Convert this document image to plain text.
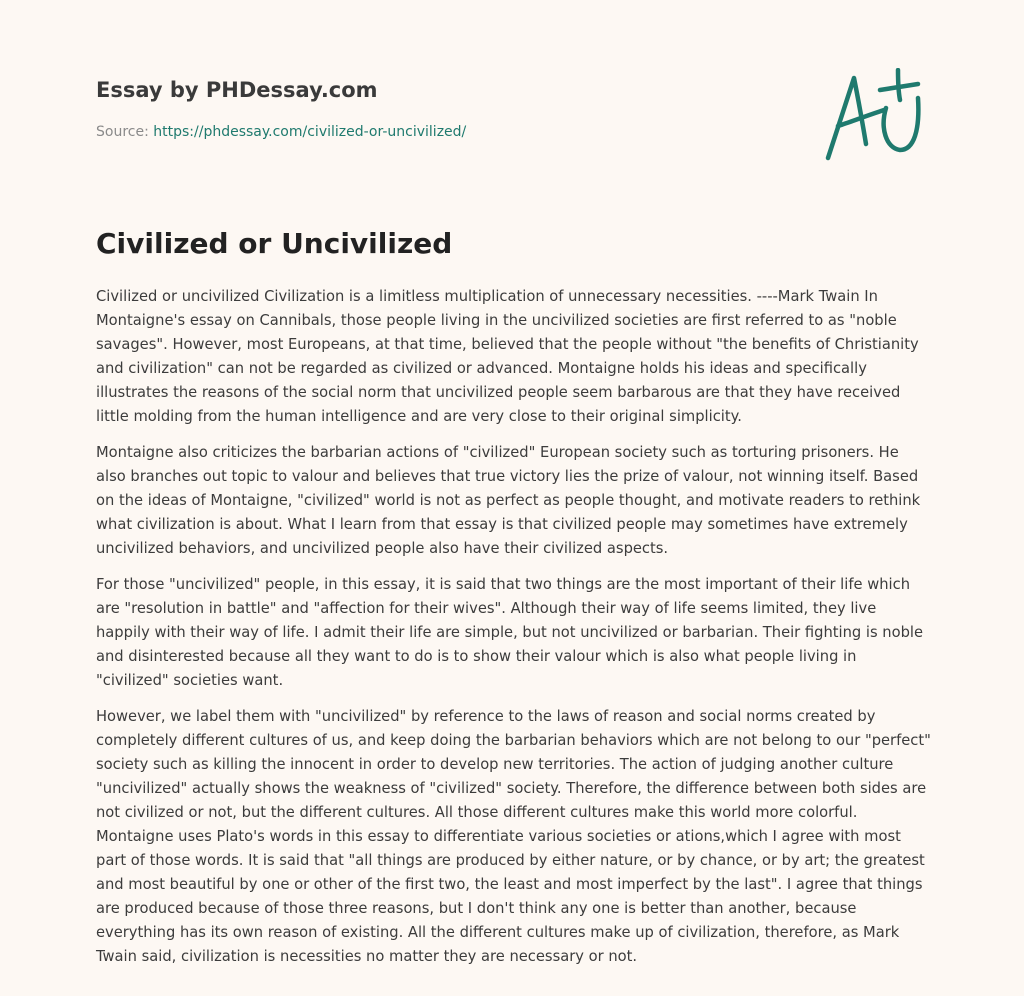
Essay by PHDessay.com
Source: https://phdessay.com/civilized-or-uncivilized/
Civilized or Uncivilized

Civilized or uncivilized Civilization is a limitless multiplication of unnecessary necessities. ----Mark Twain In Montaigne's essay on Cannibals, those people living in the uncivilized societies are first referred to as "noble savages". However, most Europeans, at that time, believed that the people without "the benefits of Christianity and civilization" can not be regarded as civilized or advanced. Montaigne holds his ideas and specifically illustrates the reasons of the social norm that uncivilized people seem barbarous are that they have received little molding from the human intelligence and are very close to their original simplicity.

Montaigne also criticizes the barbarian actions of "civilized" European society such as torturing prisoners. He also branches out topic to valour and believes that true victory lies the prize of valour, not winning itself. Based on the ideas of Montaigne, "civilized" world is not as perfect as people thought, and motivate readers to rethink what civilization is about. What I learn from that essay is that civilized people may sometimes have extremely uncivilized behaviors, and uncivilized people also have their civilized aspects.

For those "uncivilized" people, in this essay, it is said that two things are the most important of their life which are "resolution in battle" and "affection for their wives". Although their way of life seems limited, they live happily with their way of life. I admit their life are simple, but not uncivilized or barbarian. Their fighting is noble and disinterested because all they want to do is to show their valour which is also what people living in "civilized" societies want.

However, we label them with "uncivilized" by reference to the laws of reason and social norms created by completely different cultures of us, and keep doing the barbarian behaviors which are not belong to our "perfect" society such as killing the innocent in order to develop new territories. The action of judging another culture "uncivilized" actually shows the weakness of "civilized" society. Therefore, the difference between both sides are not civilized or not, but the different cultures. All those different cultures make this world more colorful. Montaigne uses Plato's words in this essay to differentiate various societies or ations,which I agree with most part of those words. It is said that "all things are produced by either nature, or by chance, or by art; the greatest and most beautiful by one or other of the first two, the least and most imperfect by the last". I agree that things are produced because of those three reasons, but I don't think any one is better than another, because everything has its own reason of existing. All the different cultures make up of civilization, therefore, as Mark Twain said, civilization is necessities no matter they are necessary or not.
